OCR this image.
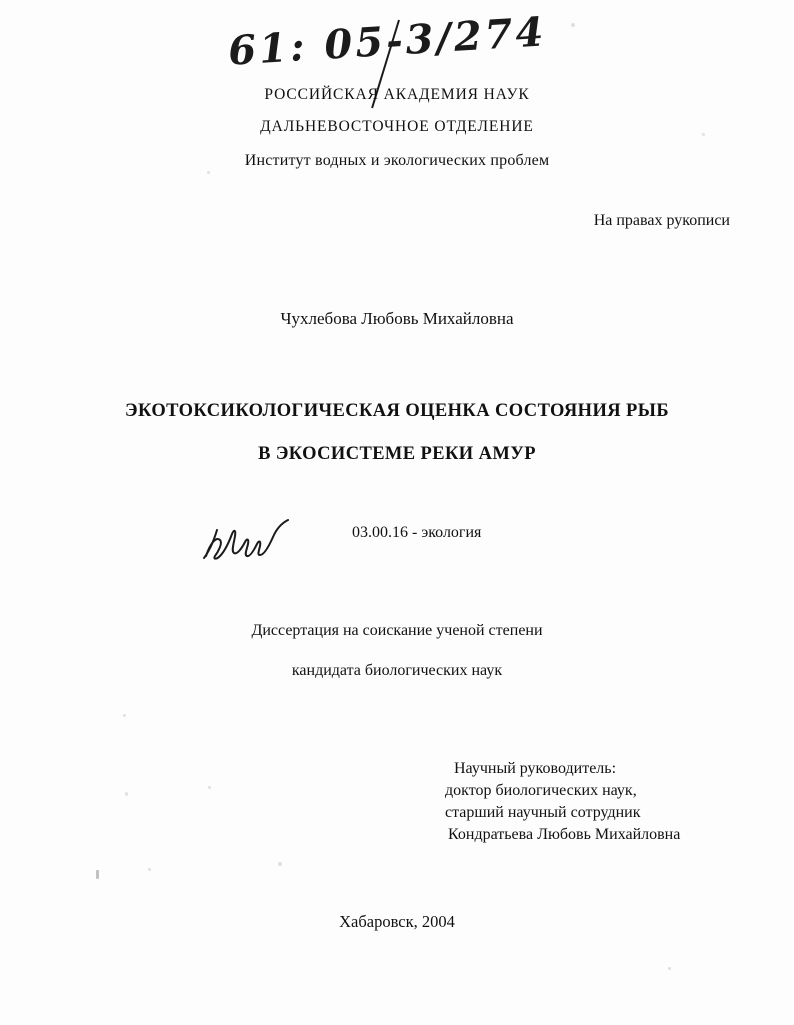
61: 05-3/274
РОССИЙСКАЯ АКАДЕМИЯ НАУК
ДАЛЬНЕВОСТОЧНОЕ ОТДЕЛЕНИЕ
Институт водных и экологических проблем
На правах рукописи
Чухлебова Любовь Михайловна
ЭКОТОКСИКОЛОГИЧЕСКАЯ ОЦЕНКА СОСТОЯНИЯ РЫБ
В ЭКОСИСТЕМЕ РЕКИ АМУР
03.00.16 - экология
Диссертация на соискание ученой степени
кандидата биологических наук
Научный руководитель:
доктор биологических наук,
старший научный сотрудник
Кондратьева Любовь Михайловна
Хабаровск, 2004
